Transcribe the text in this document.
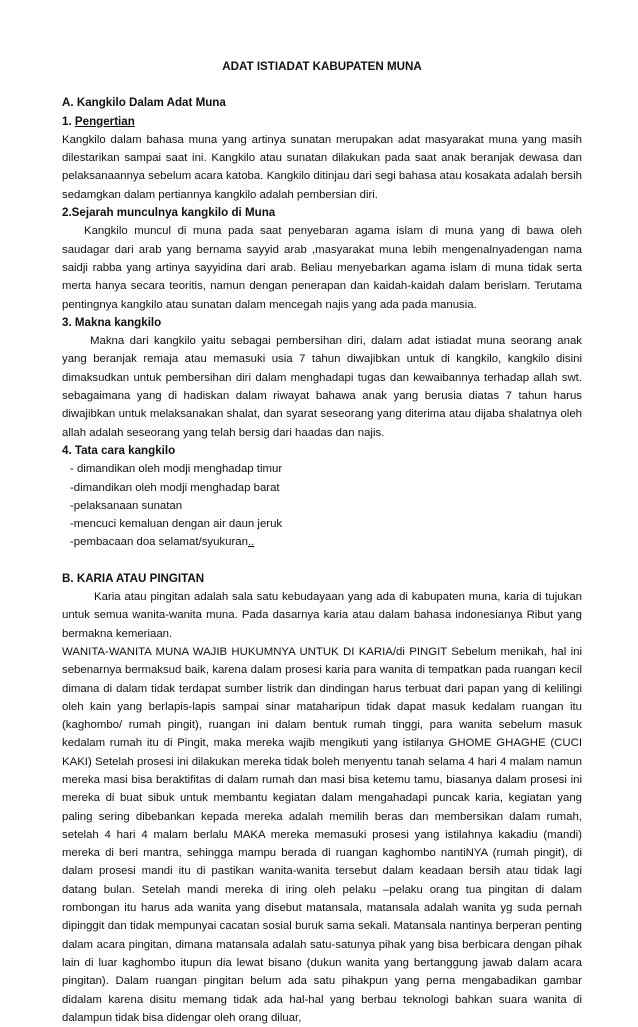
ADAT ISTIADAT KABUPATEN MUNA
A. Kangkilo Dalam Adat Muna
1. Pengertian

Kangkilo dalam bahasa muna yang artinya sunatan merupakan adat masyarakat muna yang masih dilestarikan sampai saat ini. Kangkilo atau sunatan dilakukan pada saat anak beranjak dewasa dan pelaksanaannya sebelum acara katoba. Kangkilo ditinjau dari segi bahasa atau kosakata adalah bersih sedamgkan dalam pertiannya kangkilo adalah pembersian diri.

2.Sejarah munculnya kangkilo di Muna

Kangkilo muncul di muna pada saat penyebaran agama islam di muna yang di bawa oleh saudagar dari arab yang bernama sayyid arab ,masyarakat muna lebih mengenalnyadengan nama saidji rabba yang artinya sayyidina dari arab. Beliau menyebarkan agama islam di muna tidak serta merta hanya secara teoritis, namun dengan penerapan dan kaidah-kaidah dalam berislam. Terutama pentingnya kangkilo atau sunatan dalam mencegah najis yang ada pada manusia.

3. Makna kangkilo

Makna dari kangkilo yaitu sebagai pembersihan diri, dalam adat istiadat muna seorang anak yang beranjak remaja atau memasuki usia 7 tahun diwajibkan untuk di kangkilo, kangkilo disini dimaksudkan untuk pembersihan diri dalam menghadapi tugas dan kewaibannya terhadap allah swt. sebagaimana yang di hadiskan dalam riwayat bahawa anak yang berusia diatas 7 tahun harus diwajibkan untuk melaksanakan shalat, dan syarat seseorang yang diterima atau dijaba shalatnya oleh allah adalah seseorang yang telah bersig dari haadas dan najis.

4. Tata cara kangkilo
- dimandikan oleh modji menghadap timur
-dimandikan oleh modji menghadap barat
-pelaksanaan sunatan
-mencuci kemaluan dengan air daun jeruk
-pembacaan doa selamat/syukuran..
B. KARIA ATAU PINGITAN

Karia atau pingitan adalah sala satu kebudayaan yang ada di kabupaten muna, karia di tujukan untuk semua wanita-wanita muna. Pada dasarnya karia atau dalam bahasa indonesianya Ribut yang bermakna kemeriaan.

WANITA-WANITA MUNA WAJIB HUKUMNYA UNTUK DI KARIA/di PINGIT Sebelum menikah, hal ini sebenarnya bermaksud baik, karena dalam prosesi karia para wanita di tempatkan pada ruangan kecil dimana di dalam tidak terdapat sumber listrik dan dindingan harus terbuat dari papan yang di kelilingi oleh kain yang berlapis-lapis sampai sinar mataharipun tidak dapat masuk kedalam ruangan itu (kaghombo/ rumah pingit), ruangan ini dalam bentuk rumah tinggi, para wanita sebelum masuk kedalam rumah itu di Pingit, maka mereka wajib mengikuti yang istilanya GHOME GHAGHE (CUCI KAKI) Setelah prosesi ini dilakukan mereka tidak boleh menyentu tanah selama 4 hari 4 malam namun mereka masi bisa beraktifitas di dalam rumah dan masi bisa ketemu tamu, biasanya dalam prosesi ini mereka di buat sibuk untuk membantu kegiatan dalam mengahadapi puncak karia, kegiatan yang paling sering dibebankan kepada mereka adalah memilih beras dan membersikan dalam rumah, setelah 4 hari 4 malam berlalu MAKA mereka memasuki prosesi yang istilahnya kakadiu (mandi) mereka di beri mantra, sehingga mampu berada di ruangan kaghombo nantiNYA (rumah pingit), di dalam prosesi mandi itu di pastikan wanita-wanita tersebut dalam keadaan bersih atau tidak lagi datang bulan. Setelah mandi mereka di iring oleh pelaku –pelaku orang tua pingitan di dalam rombongan itu harus ada wanita yang disebut matansala, matansala adalah wanita yg suda pernah dipinggit dan tidak mempunyai cacatan sosial buruk sama sekali. Matansala nantinya berperan penting dalam acara pingitan, dimana matansala adalah satu-satunya pihak yang bisa berbicara dengan pihak lain di luar kaghombo itupun dia lewat bisano (dukun wanita yang bertanggung jawab dalam acara pingitan). Dalam ruangan pingitan belum ada satu pihakpun yang perna mengabadikan gambar didalam karena disitu memang tidak ada hal-hal yang berbau teknologi bahkan suara wanita di dalampun tidak bisa didengar oleh orang diluar,
